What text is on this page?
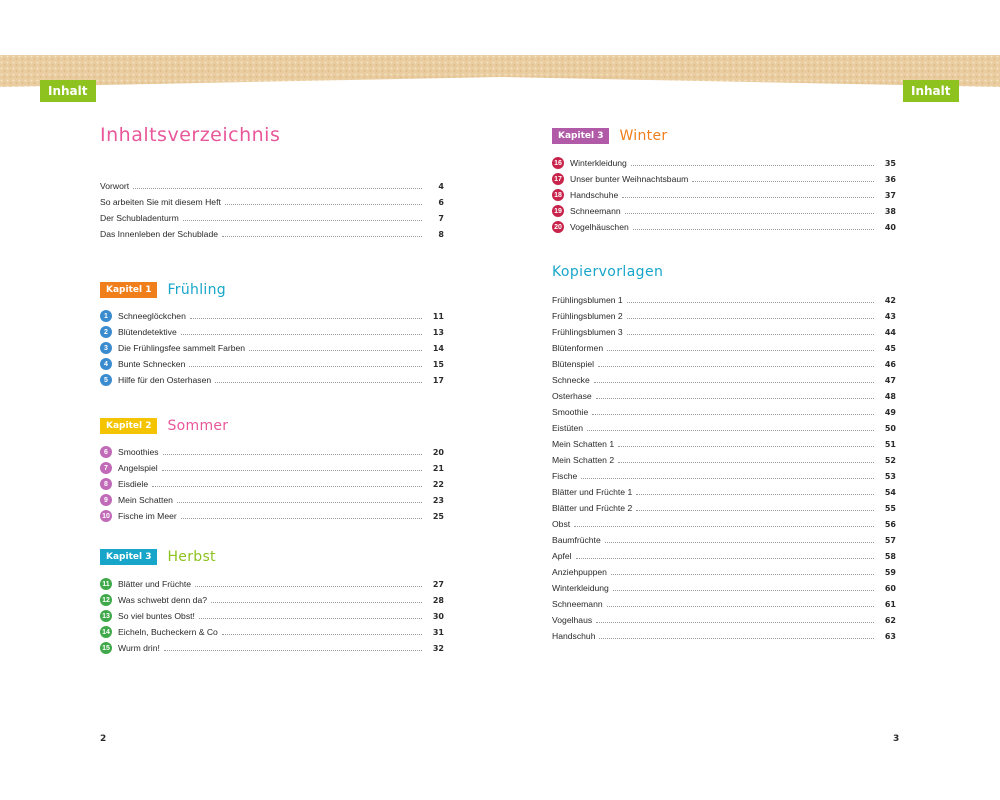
Inhalt	Inhalt
Inhaltsverzeichnis
Vorwort	4
So arbeiten Sie mit diesem Heft	6
Der Schubladenturm	7
Das Innenleben der Schublade	8
Kapitel 1	Frühling
1	Schneeglöckchen	11
2	Blütendetektive	13
3	Die Frühlingsfee sammelt Farben	14
4	Bunte Schnecken	15
5	Hilfe für den Osterhasen	17
Kapitel 2	Sommer
6	Smoothies	20
7	Angelspiel	21
8	Eisdiele	22
9	Mein Schatten	23
10 Fische im Meer	25
Kapitel 3	Herbst
11 Blätter und Früchte	27
12 Was schwebt denn da?	28
13 So viel buntes Obst!	30
14 Eicheln, Bucheckern & Co	31
15 Wurm drin!	32
2
Kapitel 3	Winter
16 Winterkleidung	35
17 Unser bunter Weihnachtsbaum	36
18 Handschuhe	37
19 Schneemann	38
20 Vogelhäuschen	40
Kopiervorlagen
Frühlingsblumen 1	42
Frühlingsblumen 2	43
Frühlingsblumen 3	44
Blütenformen	45
Blütenspiel	46
Schnecke	47
Osterhase	48
Smoothie	49
Eistüten	50
Mein Schatten 1	51
Mein Schatten 2	52
Fische	53
Blätter und Früchte 1	54
Blätter und Früchte 2	55
Obst	56
Baumfrüchte	57
Apfel	58
Anziehpuppen	59
Winterkleidung	60
Schneemann	61
Vogelhaus	62
Handschuh	63
3
